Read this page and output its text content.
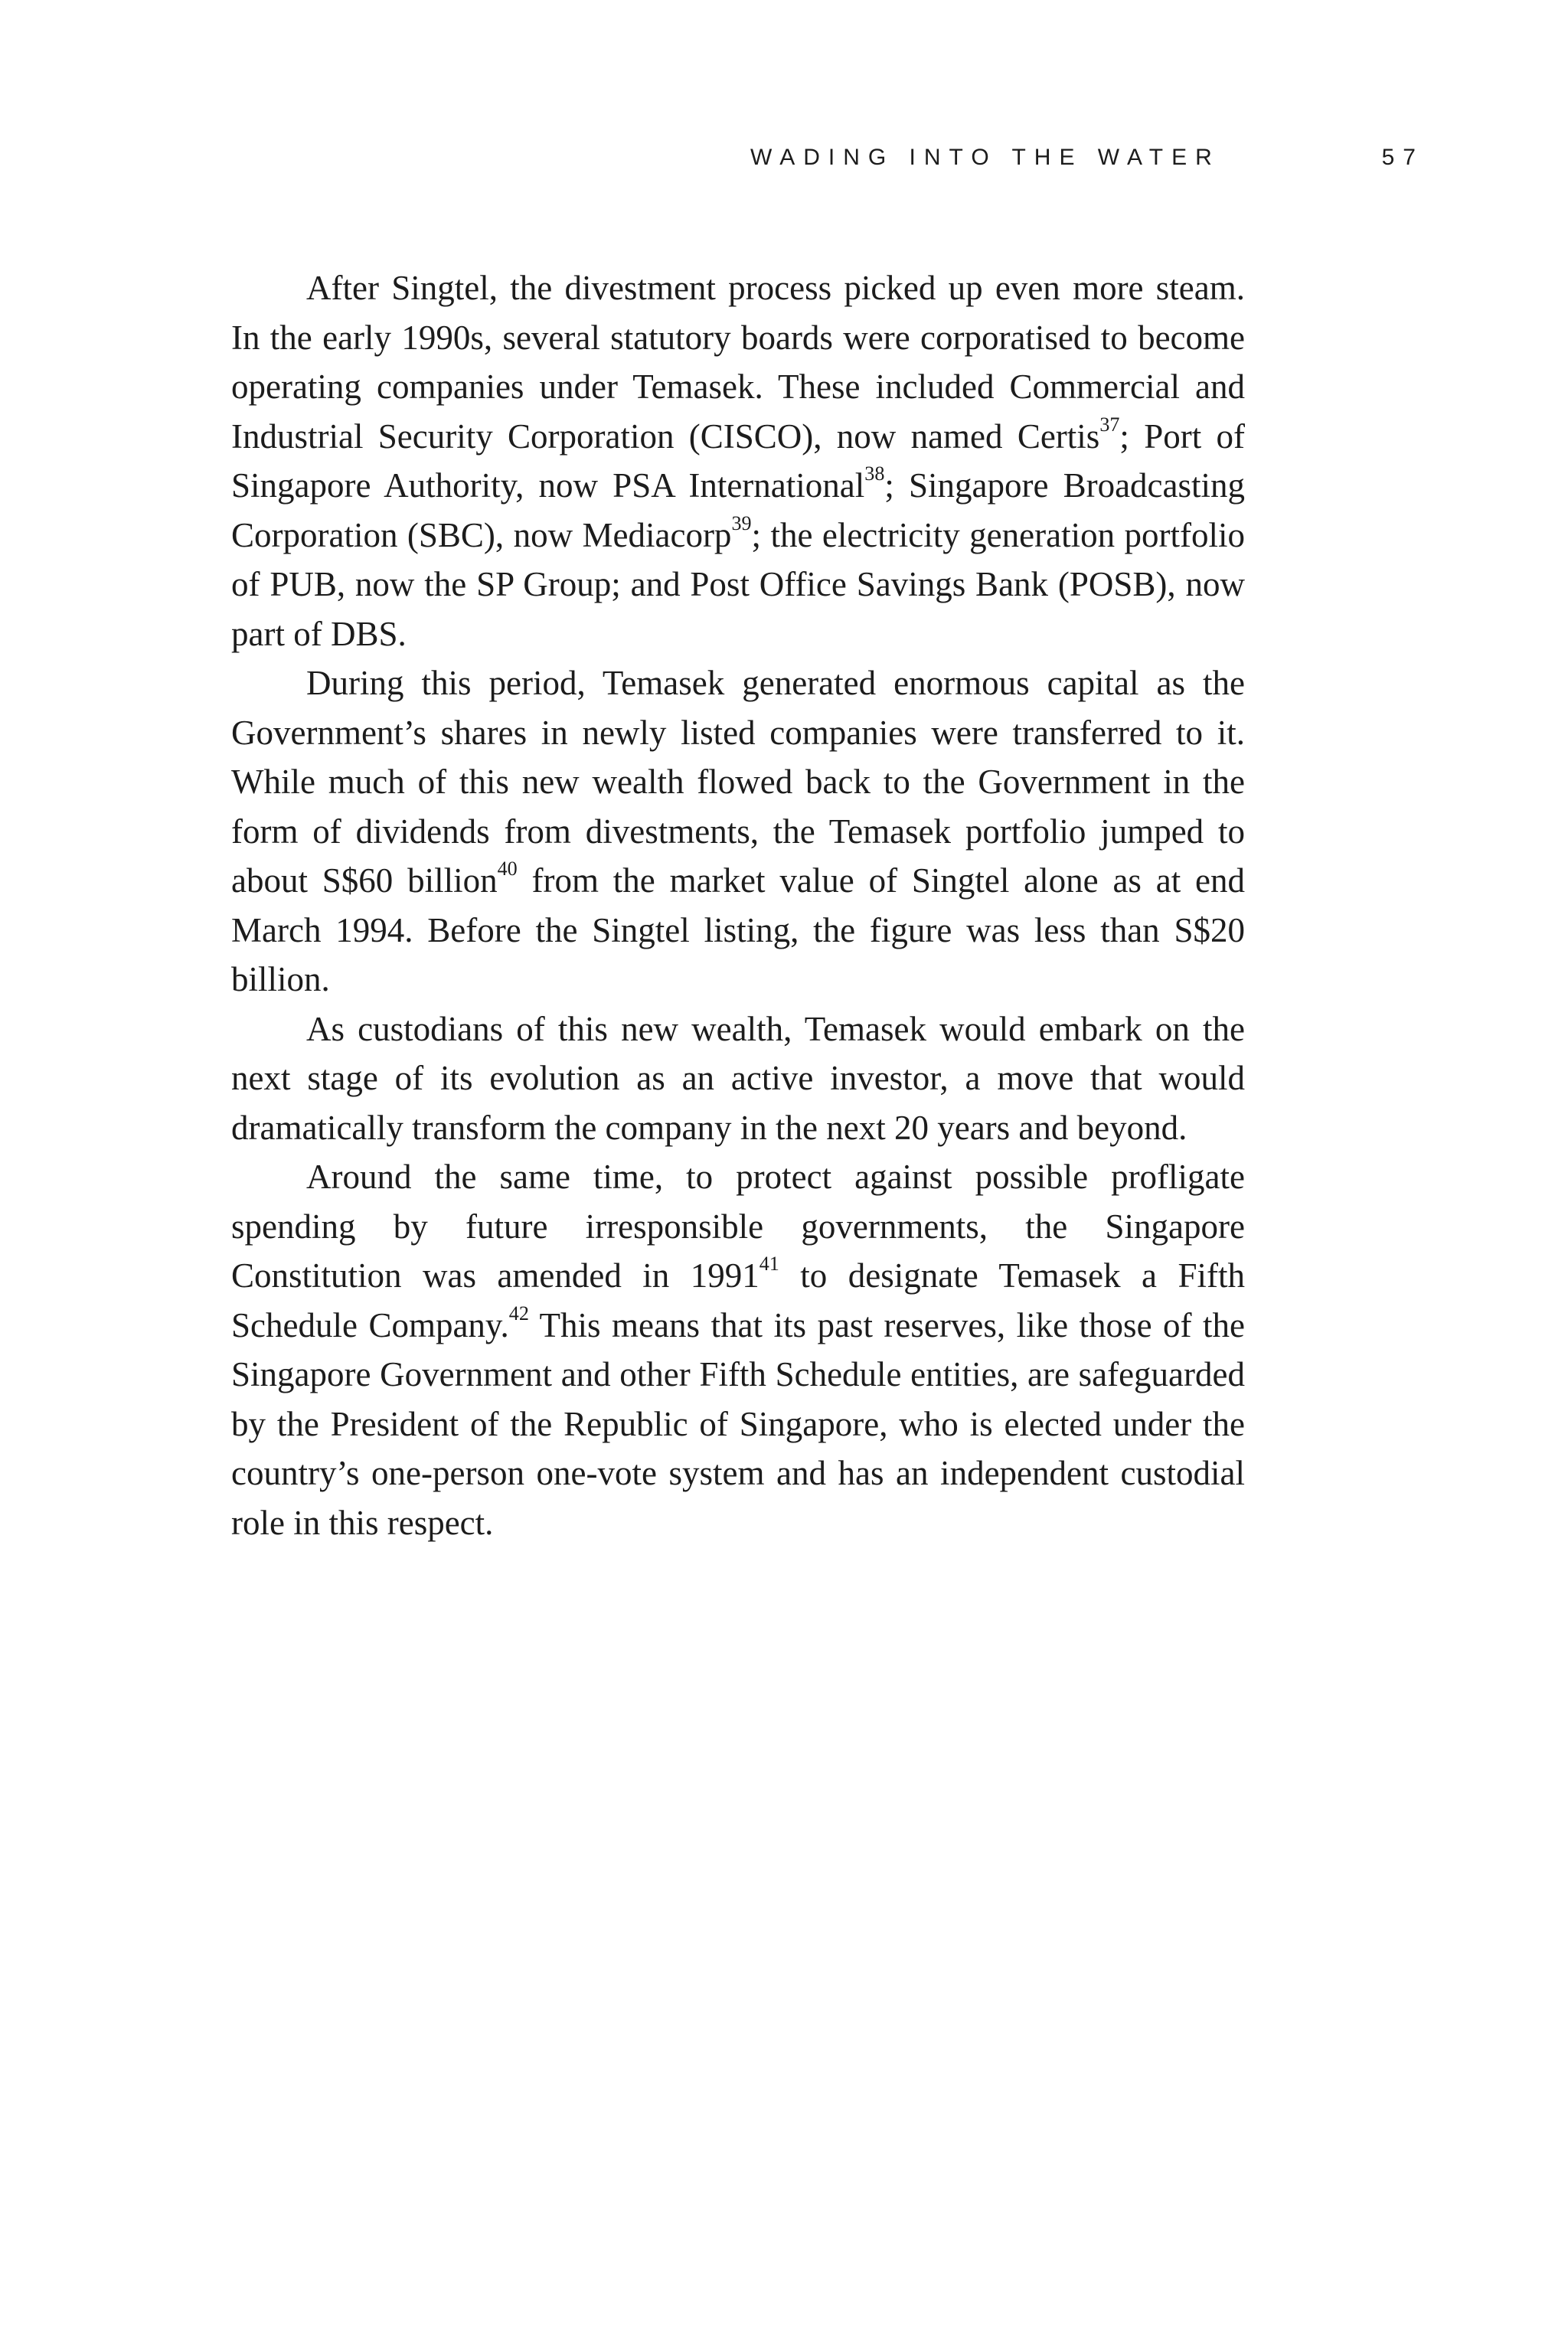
WADING INTO THE WATER	57

After Singtel, the divestment process picked up even more steam. In the early 1990s, several statutory boards were corporatised to become operating companies under Temasek. These included Commercial and Industrial Security Corporation (CISCO), now named Certis$^{37}$; Port of Singapore Authority, now PSA International$^{38}$; Singapore Broadcasting Corporation (SBC), now Mediacorp$^{39}$; the electricity generation portfolio of PUB, now the SP Group; and Post Office Savings Bank (POSB), now part of DBS.

During this period, Temasek generated enormous capital as the Government’s shares in newly listed companies were transferred to it. While much of this new wealth flowed back to the Government in the form of dividends from divestments, the Temasek portfolio jumped to about S$60 billion$^{40}$ from the market value of Singtel alone as at end March 1994. Before the Singtel listing, the figure was less than S$20 billion.

As custodians of this new wealth, Temasek would embark on the next stage of its evolution as an active investor, a move that would dramatically transform the company in the next 20 years and beyond.

Around the same time, to protect against possible profligate spending by future irresponsible governments, the Singapore Constitution was amended in 1991$^{41}$ to designate Temasek a Fifth Schedule Company.$^{42}$ This means that its past reserves, like those of the Singapore Government and other Fifth Schedule entities, are safeguarded by the President of the Republic of Singapore, who is elected under the country’s one-person one-vote system and has an independent custodial role in this respect.
